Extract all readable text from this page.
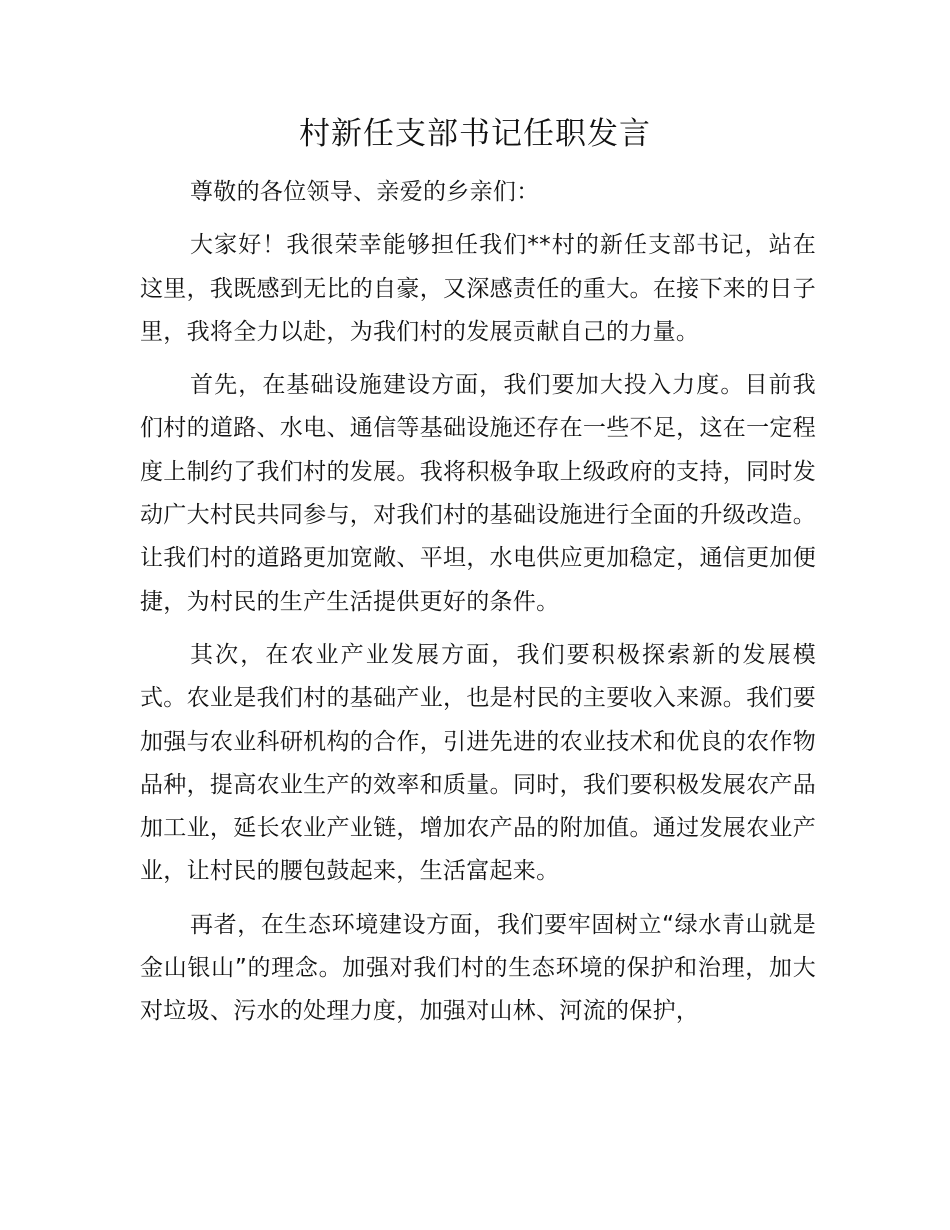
村新任支部书记任职发言

尊敬的各位领导、亲爱的乡亲们：

大家好！我很荣幸能够担任我们**村的新任支部书记，站在这里，我既感到无比的自豪，又深感责任的重大。在接下来的日子里，我将全力以赴，为我们村的发展贡献自己的力量。

首先，在基础设施建设方面，我们要加大投入力度。目前我们村的道路、水电、通信等基础设施还存在一些不足，这在一定程度上制约了我们村的发展。我将积极争取上级政府的支持，同时发动广大村民共同参与，对我们村的基础设施进行全面的升级改造。让我们村的道路更加宽敞、平坦，水电供应更加稳定，通信更加便捷，为村民的生产生活提供更好的条件。

其次，在农业产业发展方面，我们要积极探索新的发展模式。农业是我们村的基础产业，也是村民的主要收入来源。我们要加强与农业科研机构的合作，引进先进的农业技术和优良的农作物品种，提高农业生产的效率和质量。同时，我们要积极发展农产品加工业，延长农业产业链，增加农产品的附加值。通过发展农业产业，让村民的腰包鼓起来，生活富起来。

再者，在生态环境建设方面，我们要牢固树立“绿水青山就是金山银山”的理念。加强对我们村的生态环境的保护和治理，加大对垃圾、污水的处理力度，加强对山林、河流的保护，
